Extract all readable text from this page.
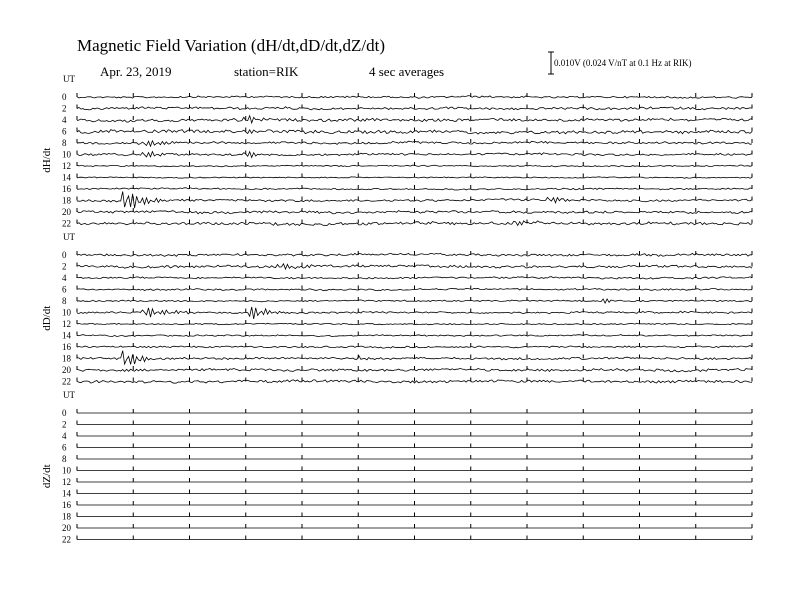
Magnetic Field Variation (dH/dt,dD/dt,dZ/dt)
Apr. 23, 2019	station=RIK	4 sec averages
0.010V (0.024 V/nT at 0.1 Hz at RIK)
UT
dH/dt
0
2
4
6
8
10
12
14
16
18
20
22
UT
dD/dt
0
2
4
6
8
10
12
14
16
18
20
22
UT
dZ/dt
0
2
4
6
8
10
12
14
16
18
20
22
